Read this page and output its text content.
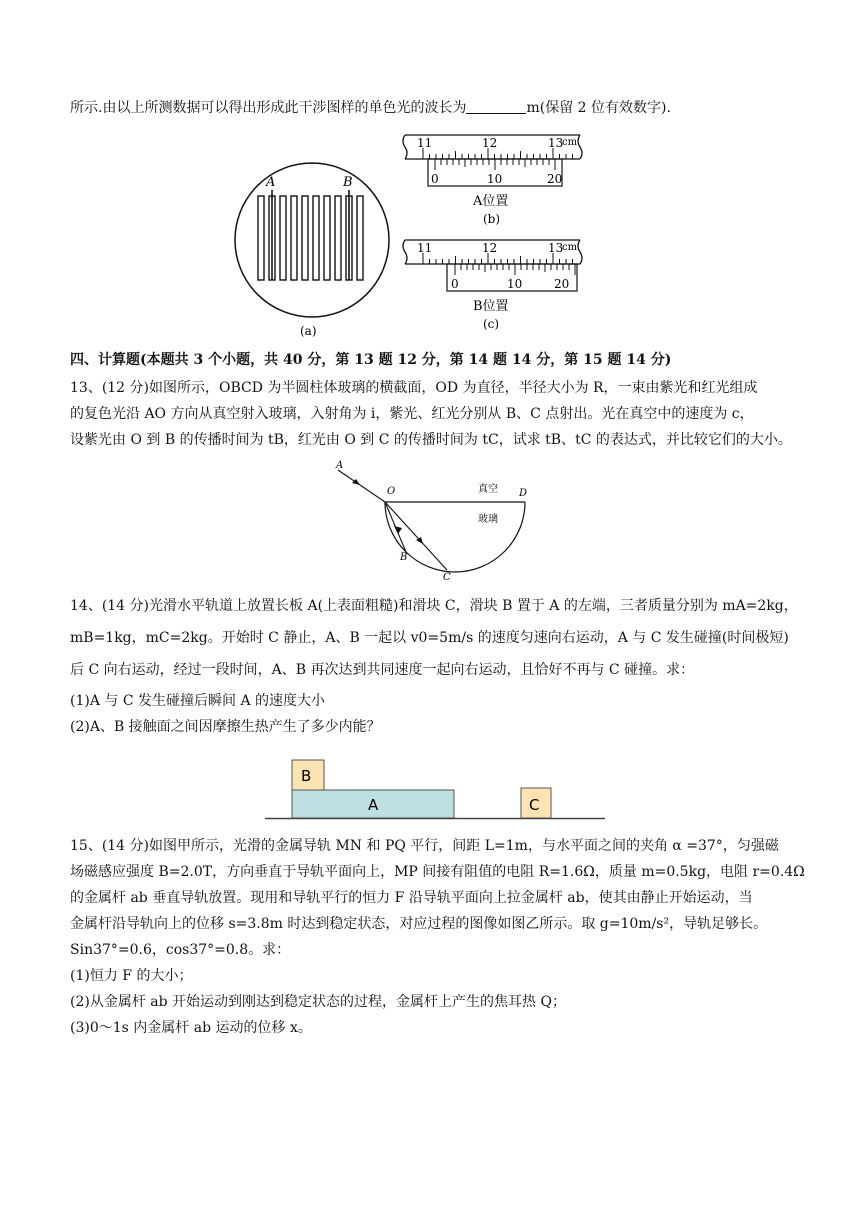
所示.由以上所测数据可以得出形成此干涉图样的单色光的波长为	m(保留 2 位有效数字).
A	B
(a)
11	12	13
cm
0	10	20
A位置
(b)
11	12	13
cm
0	10	20
B位置
(c)
四、计算题(本题共 3 个小题，共 40 分，第 13 题 12 分，第 14 题 14 分，第 15 题 14 分)
13、(12 分)如图所示，OBCD 为半圆柱体玻璃的横截面，OD 为直径，半径大小为 R，一束由紫光和红光组成
的复色光沿 AO 方向从真空射入玻璃，入射角为 i，紫光、红光分别从 B、C 点射出。光在真空中的速度为 c，
设紫光由 O 到 B 的传播时间为 tB，红光由 O 到 C 的传播时间为 tC，试求 tB、tC 的表达式，并比较它们的大小。
A
O	D
B
C
真空
玻璃
14、(14 分)光滑水平轨道上放置长板 A(上表面粗糙)和滑块 C，滑块 B 置于 A 的左端，三者质量分别为 mA=2kg，
mB=1kg，mC=2kg。开始时 C 静止，A、B 一起以 v0=5m/s 的速度匀速向右运动，A 与 C 发生碰撞(时间极短)
后 C 向右运动，经过一段时间，A、B 再次达到共同速度一起向右运动，且恰好不再与 C 碰撞。求：
(1)A 与 C 发生碰撞后瞬间 A 的速度大小
(2)A、B 接触面之间因摩擦生热产生了多少内能？
B
A	C
15、(14 分)如图甲所示，光滑的金属导轨 MN 和 PQ 平行，间距 L=1m，与水平面之间的夹角 α =37°，匀强磁
场磁感应强度 B=2.0T，方向垂直于导轨平面向上，MP 间接有阻值的电阻 R=1.6Ω，质量 m=0.5kg，电阻 r=0.4Ω
的金属杆 ab 垂直导轨放置。现用和导轨平行的恒力 F 沿导轨平面向上拉金属杆 ab，使其由静止开始运动，当
金属杆沿导轨向上的位移 s=3.8m 时达到稳定状态，对应过程的图像如图乙所示。取 g=10m/s²，导轨足够长。
Sin37°=0.6，cos37°=0.8。求：
(1)恒力 F 的大小；
(2)从金属杆 ab 开始运动到刚达到稳定状态的过程，金属杆上产生的焦耳热 Q；
(3)0～1s 内金属杆 ab 运动的位移 x。
